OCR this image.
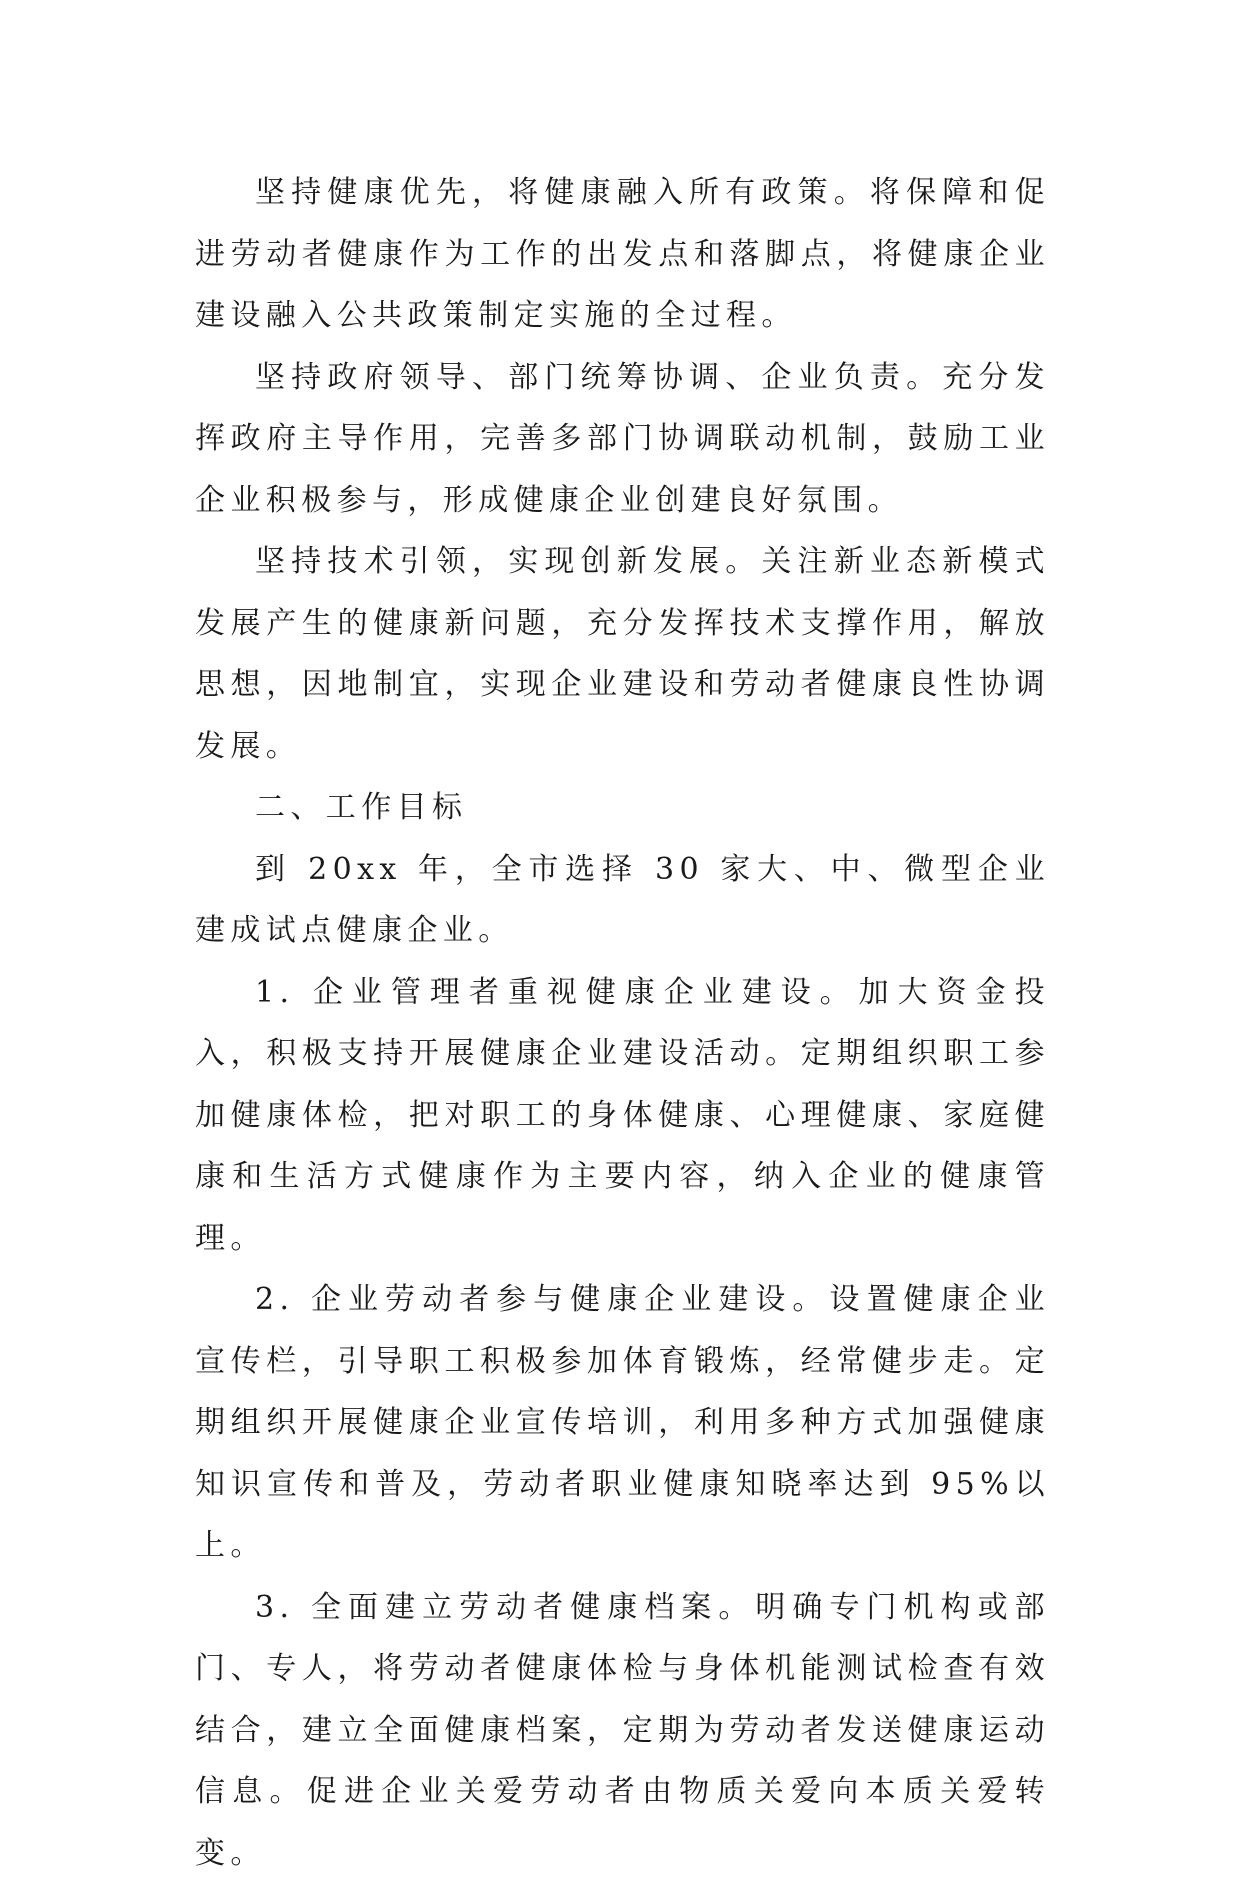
坚持健康优先，将健康融入所有政策。将保障和促进劳动者健康作为工作的出发点和落脚点，将健康企业建设融入公共政策制定实施的全过程。

坚持政府领导、部门统筹协调、企业负责。充分发挥政府主导作用，完善多部门协调联动机制，鼓励工业企业积极参与，形成健康企业创建良好氛围。

坚持技术引领，实现创新发展。关注新业态新模式发展产生的健康新问题，充分发挥技术支撑作用，解放思想，因地制宜，实现企业建设和劳动者健康良性协调发展。

二、工作目标

到 20xx 年，全市选择 30 家大、中、微型企业建成试点健康企业。

1. 企业管理者重视健康企业建设。加大资金投入，积极支持开展健康企业建设活动。定期组织职工参加健康体检，把对职工的身体健康、心理健康、家庭健康和生活方式健康作为主要内容，纳入企业的健康管理。

2. 企业劳动者参与健康企业建设。设置健康企业宣传栏，引导职工积极参加体育锻炼，经常健步走。定期组织开展健康企业宣传培训，利用多种方式加强健康知识宣传和普及，劳动者职业健康知晓率达到 95%以上。

3. 全面建立劳动者健康档案。明确专门机构或部门、专人，将劳动者健康体检与身体机能测试检查有效结合，建立全面健康档案，定期为劳动者发送健康运动信息。促进企业关爱劳动者由物质关爱向本质关爱转变。
